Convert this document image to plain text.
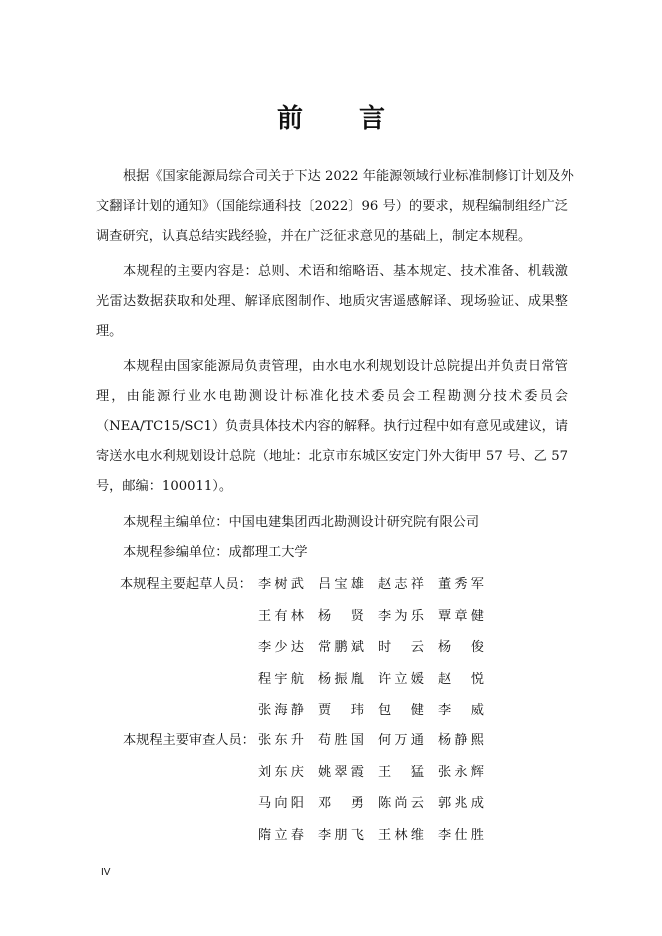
前 言
根据《国家能源局综合司关于下达 2022 年能源领域行业标准制修订计划及外
文翻译计划的通知》（国能综通科技〔2022〕96 号）的要求，规程编制组经广泛
调查研究，认真总结实践经验，并在广泛征求意见的基础上，制定本规程。
本规程的主要内容是：总则、术语和缩略语、基本规定、技术准备、机载激
光雷达数据获取和处理、解译底图制作、地质灾害遥感解译、现场验证、成果整
理。
本规程由国家能源局负责管理，由水电水利规划设计总院提出并负责日常管
理，由能源行业水电勘测设计标准化技术委员会工程勘测分技术委员会
（NEA/TC15/SC1）负责具体技术内容的解释。执行过程中如有意见或建议，请
寄送水电水利规划设计总院（地址：北京市东城区安定门外大街甲 57 号、乙 57
号，邮编：100011）。
本规程主编单位：中国电建集团西北勘测设计研究院有限公司
本规程参编单位：成都理工大学
本规程主要起草人员： 李树武 吕宝雄 赵志祥 董秀军
王有林 杨　贤 李为乐 覃章健
李少达 常鹏斌 时　云 杨　俊
程宇航 杨振胤 许立媛 赵　悦
张海静 贾　玮 包　健 李　威
本规程主要审查人员： 张东升 苟胜国 何万通 杨静熙
刘东庆 姚翠霞 王　猛 张永辉
马向阳 邓　勇 陈尚云 郭兆成
隋立春 李朋飞 王林维 李仕胜
IV
